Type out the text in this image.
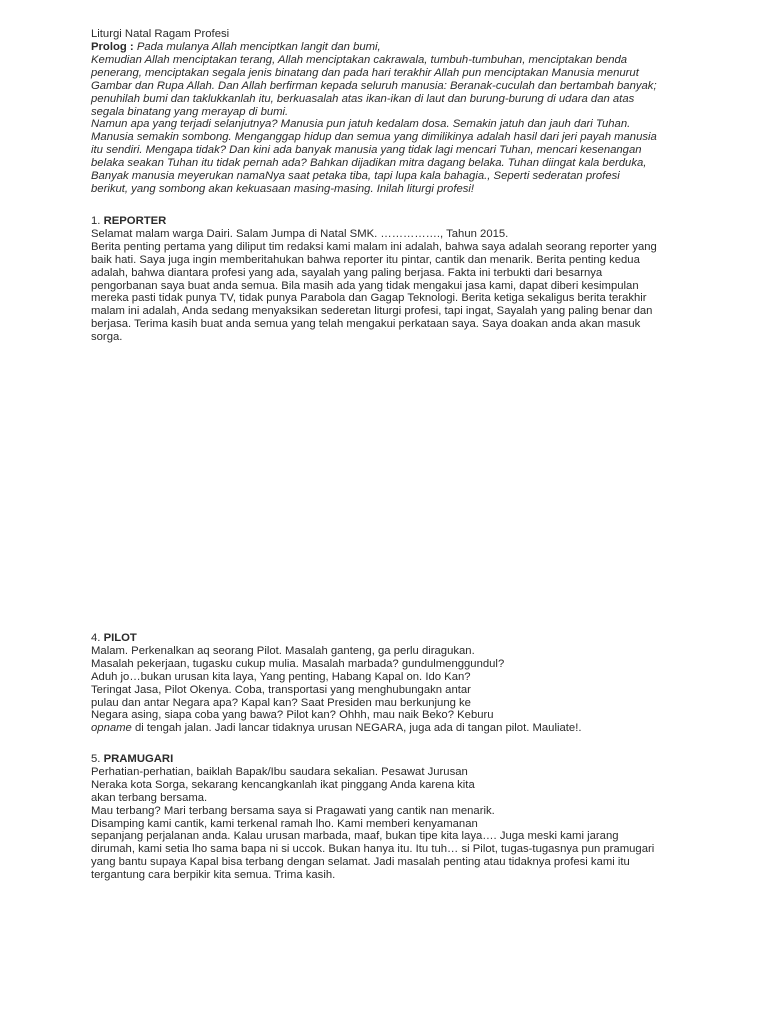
Liturgi Natal Ragam Profesi
Prolog : Pada mulanya Allah menciptkan langit dan bumi,
Kemudian Allah menciptakan terang, Allah menciptakan cakrawala, tumbuh-tumbuhan, menciptakan benda
penerang, menciptakan segala jenis binatang dan pada hari terakhir Allah pun menciptakan Manusia menurut
Gambar dan Rupa Allah. Dan Allah berfirman kepada seluruh manusia: Beranak-cuculah dan bertambah banyak;
penuhilah bumi dan taklukkanlah itu, berkuasalah atas ikan-ikan di laut dan burung-burung di udara dan atas
segala binatang yang merayap di bumi.
Namun apa yang terjadi selanjutnya? Manusia pun jatuh kedalam dosa. Semakin jatuh dan jauh dari Tuhan.
Manusia semakin sombong. Menganggap hidup dan semua yang dimilikinya adalah hasil dari jeri payah manusia
itu sendiri. Mengapa tidak? Dan kini ada banyak manusia yang tidak lagi mencari Tuhan, mencari kesenangan
belaka seakan Tuhan itu tidak pernah ada? Bahkan dijadikan mitra dagang belaka. Tuhan diingat kala berduka,
Banyak manusia meyerukan namaNya saat petaka tiba, tapi lupa kala bahagia., Seperti sederatan profesi
berikut, yang sombong akan kekuasaan masing-masing. Inilah liturgi profesi!
1. REPORTER
Selamat malam warga Dairi. Salam Jumpa di Natal SMK. ……………., Tahun 2015.
Berita penting pertama yang diliput tim redaksi kami malam ini adalah, bahwa saya adalah seorang reporter yang
baik hati. Saya juga ingin memberitahukan bahwa reporter itu pintar, cantik dan menarik. Berita penting kedua
adalah, bahwa diantara profesi yang ada, sayalah yang paling berjasa. Fakta ini terbukti dari besarnya
pengorbanan saya buat anda semua. Bila masih ada yang tidak mengakui jasa kami, dapat diberi kesimpulan
mereka pasti tidak punya TV, tidak punya Parabola dan Gagap Teknologi. Berita ketiga sekaligus berita terakhir
malam ini adalah, Anda sedang menyaksikan sederetan liturgi profesi, tapi ingat, Sayalah yang paling benar dan
berjasa. Terima kasih buat anda semua yang telah mengakui perkataan saya. Saya doakan anda akan masuk
sorga.
4. PILOT
Malam. Perkenalkan aq seorang Pilot. Masalah ganteng, ga perlu diragukan.
Masalah pekerjaan, tugasku cukup mulia. Masalah marbada? gundulmenggundul?
Aduh jo…bukan urusan kita laya, Yang penting, Habang Kapal on. Ido Kan?
Teringat Jasa, Pilot Okenya. Coba, transportasi yang menghubungakn antar
pulau dan antar Negara apa? Kapal kan? Saat Presiden mau berkunjung ke
Negara asing, siapa coba yang bawa? Pilot kan? Ohhh, mau naik Beko? Keburu
opname di tengah jalan. Jadi lancar tidaknya urusan NEGARA, juga ada di tangan pilot. Mauliate!.
5. PRAMUGARI
Perhatian-perhatian, baiklah Bapak/Ibu saudara sekalian. Pesawat Jurusan
Neraka kota Sorga, sekarang kencangkanlah ikat pinggang Anda karena kita
akan terbang bersama.
Mau terbang? Mari terbang bersama saya si Pragawati yang cantik nan menarik.
Disamping kami cantik, kami terkenal ramah lho. Kami memberi kenyamanan
sepanjang perjalanan anda. Kalau urusan marbada, maaf, bukan tipe kita laya…. Juga meski kami jarang
dirumah, kami setia lho sama bapa ni si uccok. Bukan hanya itu. Itu tuh… si Pilot, tugas-tugasnya pun pramugari
yang bantu supaya Kapal bisa terbang dengan selamat. Jadi masalah penting atau tidaknya profesi kami itu
tergantung cara berpikir kita semua. Trima kasih.
